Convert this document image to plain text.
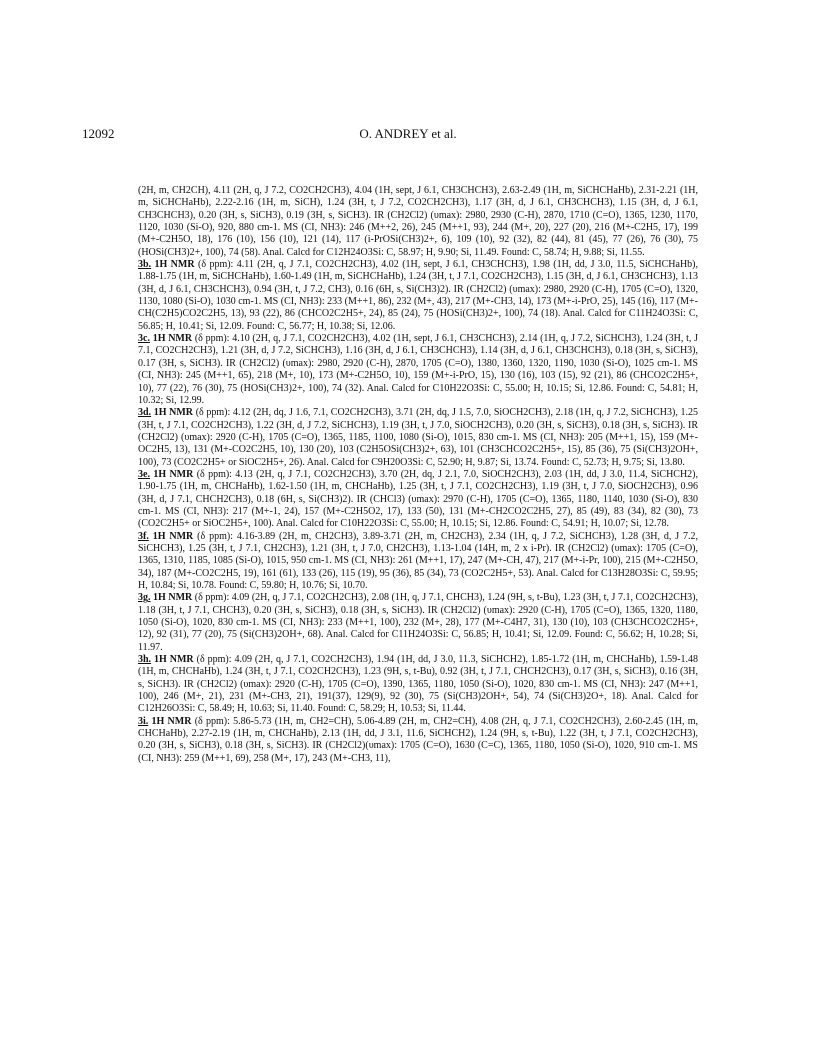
12092	O. ANDREY et al.

(2H, m, CH2CH), 4.11 (2H, q, J 7.2, CO2CH2CH3), 4.04 (1H, sept, J 6.1, CH3CHCH3), 2.63-2.49 (1H, m, SiCHCHaHb), 2.31-2.21 (1H, m, SiCHCHaHb), 2.22-2.16 (1H, m, SiCH), 1.24 (3H, t, J 7.2, CO2CH2CH3), 1.17 (3H, d, J 6.1, CH3CHCH3), 1.15 (3H, d, J 6.1, CH3CHCH3), 0.20 (3H, s, SiCH3), 0.19 (3H, s, SiCH3). IR (CH2Cl2) (υmax): 2980, 2930 (C-H), 2870, 1710 (C=O), 1365, 1230, 1170, 1120, 1030 (Si-O), 920, 880 cm-1. MS (CI, NH3): 246 (M++2, 26), 245 (M++1, 93), 244 (M+, 20), 227 (20), 216 (M+-C2H5, 17), 199 (M+-C2H5O, 18), 176 (10), 156 (10), 121 (14), 117 (i-PrOSi(CH3)2+, 6), 109 (10), 92 (32), 82 (44), 81 (45), 77 (26), 76 (30), 75 (HOSi(CH3)2+, 100), 74 (58). Anal. Calcd for C12H24O3Si: C, 58.97; H, 9.90; Si, 11.49. Found: C, 58.74; H, 9.88; Si, 11.55.

3b. 1H NMR (δ ppm): 4.11 (2H, q, J 7.1, CO2CH2CH3), 4.02 (1H, sept, J 6.1, CH3CHCH3), 1.98 (1H, dd, J 3.0, 11.5, SiCHCHaHb), 1.88-1.75 (1H, m, SiCHCHaHb), 1.60-1.49 (1H, m, SiCHCHaHb), 1.24 (3H, t, J 7.1, CO2CH2CH3), 1.15 (3H, d, J 6.1, CH3CHCH3), 1.13 (3H, d, J 6.1, CH3CHCH3), 0.94 (3H, t, J 7.2, CH3), 0.16 (6H, s, Si(CH3)2). IR (CH2Cl2) (υmax): 2980, 2920 (C-H), 1705 (C=O), 1320, 1130, 1080 (Si-O), 1030 cm-1. MS (CI, NH3): 233 (M++1, 86), 232 (M+, 43), 217 (M+-CH3, 14), 173 (M+-i-PrO, 25), 145 (16), 117 (M+-CH(C2H5)CO2C2H5, 13), 93 (22), 86 (CHCO2C2H5+, 24), 85 (24), 75 (HOSi(CH3)2+, 100), 74 (18). Anal. Calcd for C11H24O3Si: C, 56.85; H, 10.41; Si, 12.09. Found: C, 56.77; H, 10.38; Si, 12.06.

3c. 1H NMR (δ ppm): 4.10 (2H, q, J 7.1, CO2CH2CH3), 4.02 (1H, sept, J 6.1, CH3CHCH3), 2.14 (1H, q, J 7.2, SiCHCH3), 1.24 (3H, t, J 7.1, CO2CH2CH3), 1.21 (3H, d, J 7.2, SiCHCH3), 1.16 (3H, d, J 6.1, CH3CHCH3), 1.14 (3H, d, J 6.1, CH3CHCH3), 0.18 (3H, s, SiCH3), 0.17 (3H, s, SiCH3). IR (CH2Cl2) (υmax): 2980, 2920 (C-H), 2870, 1705 (C=O), 1380, 1360, 1320, 1190, 1030 (Si-O), 1025 cm-1. MS (CI, NH3): 245 (M++1, 65), 218 (M+, 10), 173 (M+-C2H5O, 10), 159 (M+-i-PrO, 15), 130 (16), 103 (15), 92 (21), 86 (CHCO2C2H5+, 10), 77 (22), 76 (30), 75 (HOSi(CH3)2+, 100), 74 (32). Anal. Calcd for C10H22O3Si: C, 55.00; H, 10.15; Si, 12.86. Found: C, 54.81; H, 10.32; Si, 12.99.

3d. 1H NMR (δ ppm): 4.12 (2H, dq, J 1.6, 7.1, CO2CH2CH3), 3.71 (2H, dq, J 1.5, 7.0, SiOCH2CH3), 2.18 (1H, q, J 7.2, SiCHCH3), 1.25 (3H, t, J 7.1, CO2CH2CH3), 1.22 (3H, d, J 7.2, SiCHCH3), 1.19 (3H, t, J 7.0, SiOCH2CH3), 0.20 (3H, s, SiCH3), 0.18 (3H, s, SiCH3). IR (CH2Cl2) (υmax): 2920 (C-H), 1705 (C=O), 1365, 1185, 1100, 1080 (Si-O), 1015, 830 cm-1. MS (CI, NH3): 205 (M++1, 15), 159 (M+-OC2H5, 13), 131 (M+-CO2C2H5, 10), 130 (20), 103 (C2H5OSi(CH3)2+, 63), 101 (CH3CHCO2C2H5+, 15), 85 (36), 75 (Si(CH3)2OH+, 100), 73 (CO2C2H5+ or SiOC2H5+, 26). Anal. Calcd for C9H20O3Si: C, 52.90; H, 9.87; Si, 13.74. Found: C, 52.73; H, 9.75; Si, 13.80.

3e. 1H NMR (δ ppm): 4.13 (2H, q, J 7.1, CO2CH2CH3), 3.70 (2H, dq, J 2.1, 7.0, SiOCH2CH3), 2.03 (1H, dd, J 3.0, 11.4, SiCHCH2), 1.90-1.75 (1H, m, CHCHaHb), 1.62-1.50 (1H, m, CHCHaHb), 1.25 (3H, t, J 7.1, CO2CH2CH3), 1.19 (3H, t, J 7.0, SiOCH2CH3), 0.96 (3H, d, J 7.1, CHCH2CH3), 0.18 (6H, s, Si(CH3)2). IR (CHCl3) (υmax): 2970 (C-H), 1705 (C=O), 1365, 1180, 1140, 1030 (Si-O), 830 cm-1. MS (CI, NH3): 217 (M+-1, 24), 157 (M+-C2H5O2, 17), 133 (50), 131 (M+-CH2CO2C2H5, 27), 85 (49), 83 (34), 82 (30), 73 (CO2C2H5+ or SiOC2H5+, 100). Anal. Calcd for C10H22O3Si: C, 55.00; H, 10.15; Si, 12.86. Found: C, 54.91; H, 10.07; Si, 12.78.

3f. 1H NMR (δ ppm): 4.16-3.89 (2H, m, CH2CH3), 3.89-3.71 (2H, m, CH2CH3), 2.34 (1H, q, J 7.2, SiCHCH3), 1.28 (3H, d, J 7.2, SiCHCH3), 1.25 (3H, t, J 7.1, CH2CH3), 1.21 (3H, t, J 7.0, CH2CH3), 1.13-1.04 (14H, m, 2 x i-Pr). IR (CH2Cl2) (υmax): 1705 (C=O), 1365, 1310, 1185, 1085 (Si-O), 1015, 950 cm-1. MS (CI, NH3): 261 (M++1, 17), 247 (M+-CH, 47), 217 (M+-i-Pr, 100), 215 (M+-C2H5O, 34), 187 (M+-CO2C2H5, 19), 161 (61), 133 (26), 115 (19), 95 (36), 85 (34), 73 (CO2C2H5+, 53). Anal. Calcd for C13H28O3Si: C, 59.95; H, 10.84; Si, 10.78. Found: C, 59.80; H, 10.76; Si, 10.70.

3g. 1H NMR (δ ppm): 4.09 (2H, q, J 7.1, CO2CH2CH3), 2.08 (1H, q, J 7.1, CHCH3), 1.24 (9H, s, t-Bu), 1.23 (3H, t, J 7.1, CO2CH2CH3), 1.18 (3H, t, J 7.1, CHCH3), 0.20 (3H, s, SiCH3), 0.18 (3H, s, SiCH3). IR (CH2Cl2) (υmax): 2920 (C-H), 1705 (C=O), 1365, 1320, 1180, 1050 (Si-O), 1020, 830 cm-1. MS (CI, NH3): 233 (M++1, 100), 232 (M+, 28), 177 (M+-C4H7, 31), 130 (10), 103 (CH3CHCO2C2H5+, 12), 92 (31), 77 (20), 75 (Si(CH3)2OH+, 68). Anal. Calcd for C11H24O3Si: C, 56.85; H, 10.41; Si, 12.09. Found: C, 56.62; H, 10.28; Si, 11.97.

3h. 1H NMR (δ ppm): 4.09 (2H, q, J 7.1, CO2CH2CH3), 1.94 (1H, dd, J 3.0, 11.3, SiCHCH2), 1.85-1.72 (1H, m, CHCHaHb), 1.59-1.48 (1H, m, CHCHaHb), 1.24 (3H, t, J 7.1, CO2CH2CH3), 1.23 (9H, s, t-Bu), 0.92 (3H, t, J 7.1, CHCH2CH3), 0.17 (3H, s, SiCH3), 0.16 (3H, s, SiCH3). IR (CH2Cl2) (υmax): 2920 (C-H), 1705 (C=O), 1390, 1365, 1180, 1050 (Si-O), 1020, 830 cm-1. MS (CI, NH3): 247 (M++1, 100), 246 (M+, 21), 231 (M+-CH3, 21), 191(37), 129(9), 92 (30), 75 (Si(CH3)2OH+, 54), 74 (Si(CH3)2O+, 18). Anal. Calcd for C12H26O3Si: C, 58.49; H, 10.63; Si, 11.40. Found: C, 58.29; H, 10.53; Si, 11.44.

3i. 1H NMR (δ ppm): 5.86-5.73 (1H, m, CH2=CH), 5.06-4.89 (2H, m, CH2=CH), 4.08 (2H, q, J 7.1, CO2CH2CH3), 2.60-2.45 (1H, m, CHCHaHb), 2.27-2.19 (1H, m, CHCHaHb), 2.13 (1H, dd, J 3.1, 11.6, SiCHCH2), 1.24 (9H, s, t-Bu), 1.22 (3H, t, J 7.1, CO2CH2CH3), 0.20 (3H, s, SiCH3), 0.18 (3H, s, SiCH3). IR (CH2Cl2)(υmax): 1705 (C=O), 1630 (C=C), 1365, 1180, 1050 (Si-O), 1020, 910 cm-1. MS (CI, NH3): 259 (M++1, 69), 258 (M+, 17), 243 (M+-CH3, 11),
